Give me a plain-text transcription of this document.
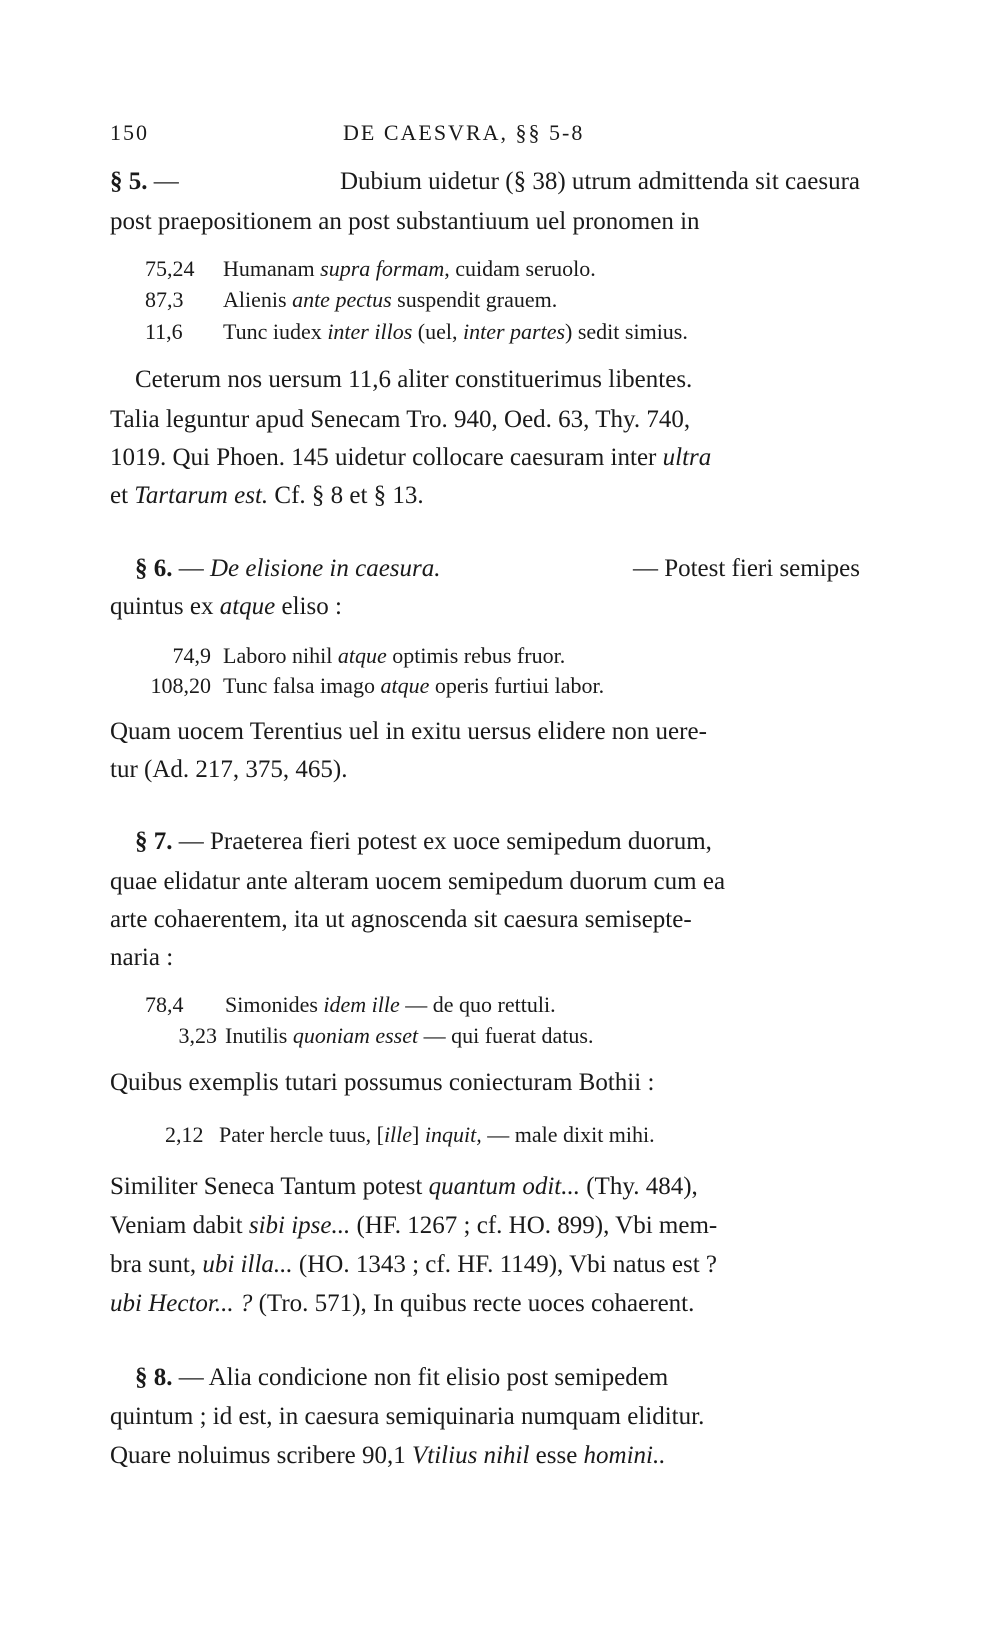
150	DE CAESVRA, §§ 5-8
§ 5. —	Dubium uidetur (§ 38) utrum admittenda sit caesura
post praepositionem an post substantiuum uel pronomen in
75,24 Humanam supra formam, cuidam seruolo.
87,3 Alienis ante pectus suspendit grauem.
11,6 Tunc iudex inter illos (uel, inter partes) sedit simius.
Ceterum nos uersum 11,6 aliter constituerimus libentes.
Talia leguntur apud Senecam Tro. 940, Oed. 63, Thy. 740,
1019. Qui Phoen. 145 uidetur collocare caesuram inter ultra
et Tartarum est. Cf. § 8 et § 13.
§ 6. — De elisione in caesura.	— Potest fieri semipes
quintus ex atque eliso :
74,9 Laboro nihil atque optimis rebus fruor.
108,20 Tunc falsa imago atque operis furtiui labor.
Quam uocem Terentius uel in exitu uersus elidere non uere-
tur (Ad. 217, 375, 465).
§ 7. — Praeterea fieri potest ex uoce semipedum duorum,
quae elidatur ante alteram uocem semipedum duorum cum ea
arte cohaerentem, ita ut agnoscenda sit caesura semisepte-
naria :
78,4 Simonides idem ille — de quo rettuli.
3,23 Inutilis quoniam esset — qui fuerat datus.
Quibus exemplis tutari possumus coniecturam Bothii :
2,12 Pater hercle tuus, [ille] inquit, — male dixit mihi.
Similiter Seneca Tantum potest quantum odit... (Thy. 484),
Veniam dabit sibi ipse... (HF. 1267 ; cf. HO. 899), Vbi mem-
bra sunt, ubi illa... (HO. 1343 ; cf. HF. 1149), Vbi natus est ?
ubi Hector... ? (Tro. 571), In quibus recte uoces cohaerent.
§ 8. — Alia condicione non fit elisio post semipedem
quintum ; id est, in caesura semiquinaria numquam eliditur.
Quare noluimus scribere 90,1 Vtilius nihil esse homini..
